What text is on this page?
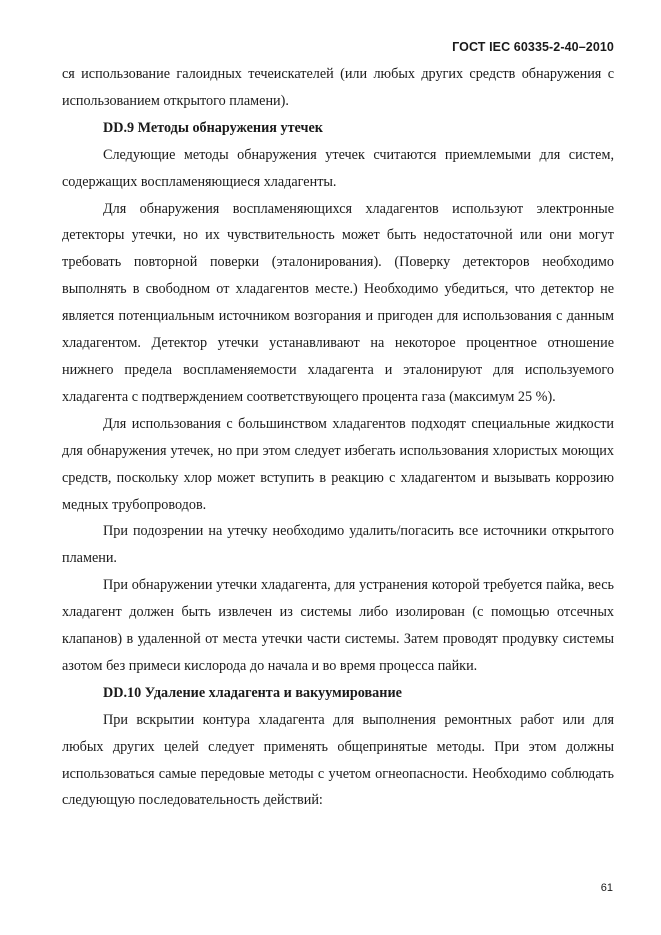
ГОСТ IEC 60335-2-40–2010

ся использование галоидных течеискателей (или любых других средств обнаружения с использованием открытого пламени).

DD.9 Методы обнаружения утечек

Следующие методы обнаружения утечек считаются приемлемыми для систем, содержащих воспламеняющиеся хладагенты.

Для обнаружения воспламеняющихся хладагентов используют электронные детекторы утечки, но их чувствительность может быть недостаточной или они могут требовать повторной поверки (эталонирования). (Поверку детекторов необходимо выполнять в свободном от хладагентов месте.) Необходимо убедиться, что детектор не является потенциальным источником возгорания и пригоден для использования с данным хладагентом. Детектор утечки устанавливают на некоторое процентное отношение нижнего предела воспламеняемости хладагента и эталонируют для используемого хладагента с подтверждением соответствующего процента газа (максимум 25 %).

Для использования с большинством хладагентов подходят специальные жидкости для обнаружения утечек, но при этом следует избегать использования хлористых моющих средств, поскольку хлор может вступить в реакцию с хладагентом и вызывать коррозию медных трубопроводов.

При подозрении на утечку необходимо удалить/погасить все источники открытого пламени.

При обнаружении утечки хладагента, для устранения которой требуется пайка, весь хладагент должен быть извлечен из системы либо изолирован (с помощью отсечных клапанов) в удаленной от места утечки части системы. Затем проводят продувку системы азотом без примеси кислорода до начала и во время процесса пайки.

DD.10 Удаление хладагента и вакуумирование

При вскрытии контура хладагента для выполнения ремонтных работ или для любых других целей следует применять общепринятые методы. При этом должны использоваться самые передовые методы с учетом огнеопасности. Необходимо соблюдать следующую последовательность действий:

61
